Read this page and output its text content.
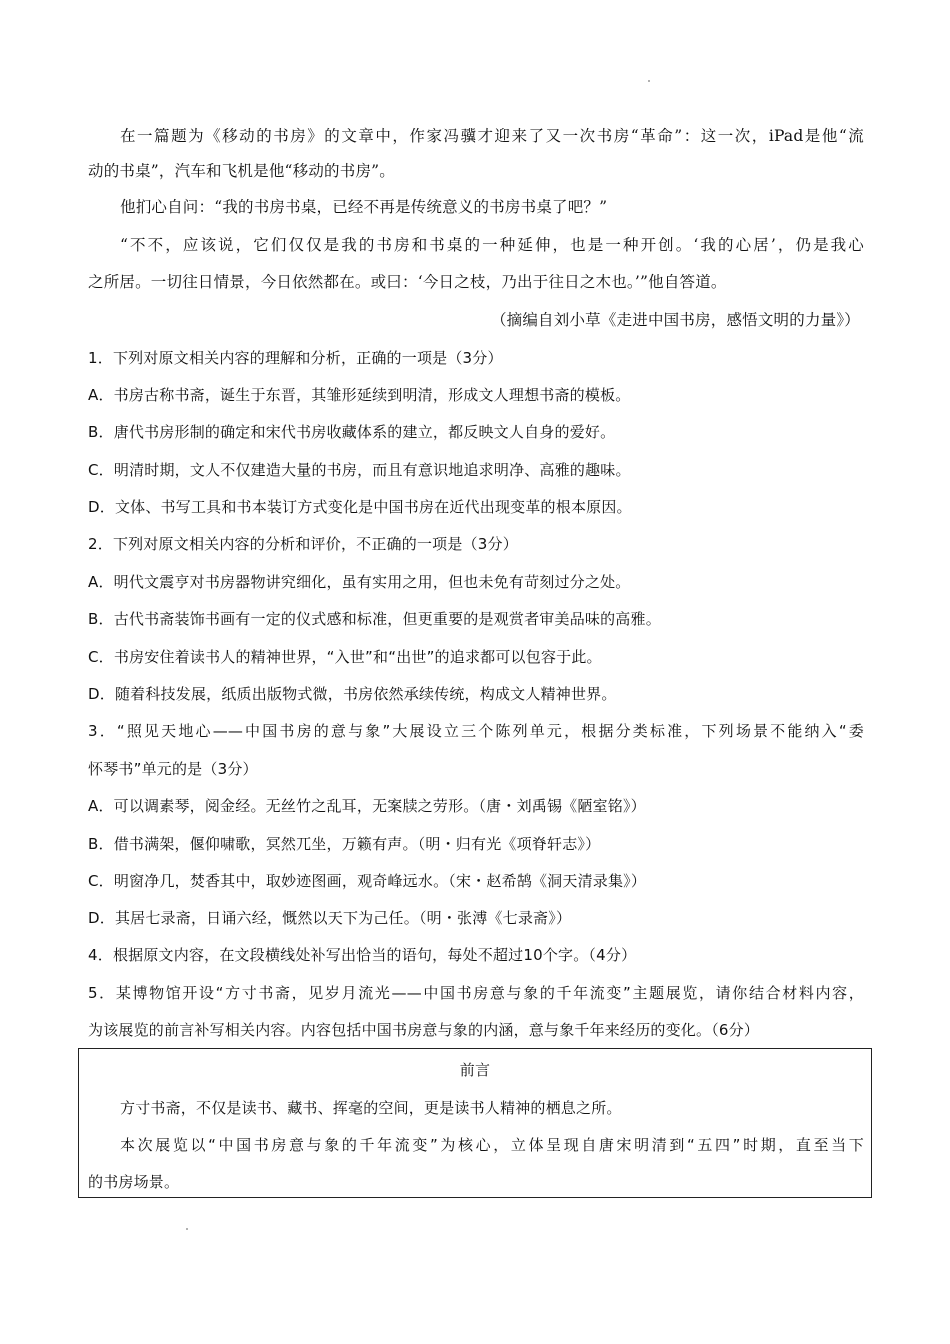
在一篇题为《移动的书房》的文章中，作家冯骥才迎来了又一次书房“革命”：这一次，iPad是他“流
动的书桌”，汽车和飞机是他“移动的书房”。
他扪心自问：“我的书房书桌，已经不再是传统意义的书房书桌了吧？”
“不不，应该说，它们仅仅是我的书房和书桌的一种延伸，也是一种开创。‘我的心居’，仍是我心
之所居。一切往日情景，今日依然都在。或曰：‘今日之枝，乃出于往日之木也。’”他自答道。
（摘编自刘小草《走进中国书房，感悟文明的力量》）
1．下列对原文相关内容的理解和分析，正确的一项是（3分）
A．书房古称书斋，诞生于东晋，其雏形延续到明清，形成文人理想书斋的模板。
B．唐代书房形制的确定和宋代书房收藏体系的建立，都反映文人自身的爱好。
C．明清时期，文人不仅建造大量的书房，而且有意识地追求明净、高雅的趣味。
D．文体、书写工具和书本装订方式变化是中国书房在近代出现变革的根本原因。
2．下列对原文相关内容的分析和评价，不正确的一项是（3分）
A．明代文震亨对书房器物讲究细化，虽有实用之用，但也未免有苛刻过分之处。
B．古代书斋装饰书画有一定的仪式感和标准，但更重要的是观赏者审美品味的高雅。
C．书房安住着读书人的精神世界，“入世”和“出世”的追求都可以包容于此。
D．随着科技发展，纸质出版物式微，书房依然承续传统，构成文人精神世界。
3．“照见天地心——中国书房的意与象”大展设立三个陈列单元，根据分类标准，下列场景不能纳入“委
怀琴书”单元的是（3分）
A．可以调素琴，阅金经。无丝竹之乱耳，无案牍之劳形。（唐・刘禹锡《陋室铭》）
B．借书满架，偃仰啸歌，冥然兀坐，万籁有声。（明・归有光《项脊轩志》）
C．明窗净几，焚香其中，取妙迹图画，观奇峰远水。（宋・赵希鹄《洞天清录集》）
D．其居七录斋，日诵六经，慨然以天下为己任。（明・张溥《七录斋》）
4．根据原文内容，在文段横线处补写出恰当的语句，每处不超过10个字。（4分）
5．某博物馆开设“方寸书斋，见岁月流光——中国书房意与象的千年流变”主题展览，请你结合材料内容，
为该展览的前言补写相关内容。内容包括中国书房意与象的内涵，意与象千年来经历的变化。（6分）
前言
方寸书斋，不仅是读书、藏书、挥毫的空间，更是读书人精神的栖息之所。
本次展览以“中国书房意与象的千年流变”为核心，立体呈现自唐宋明清到“五四”时期，直至当下
的书房场景。
